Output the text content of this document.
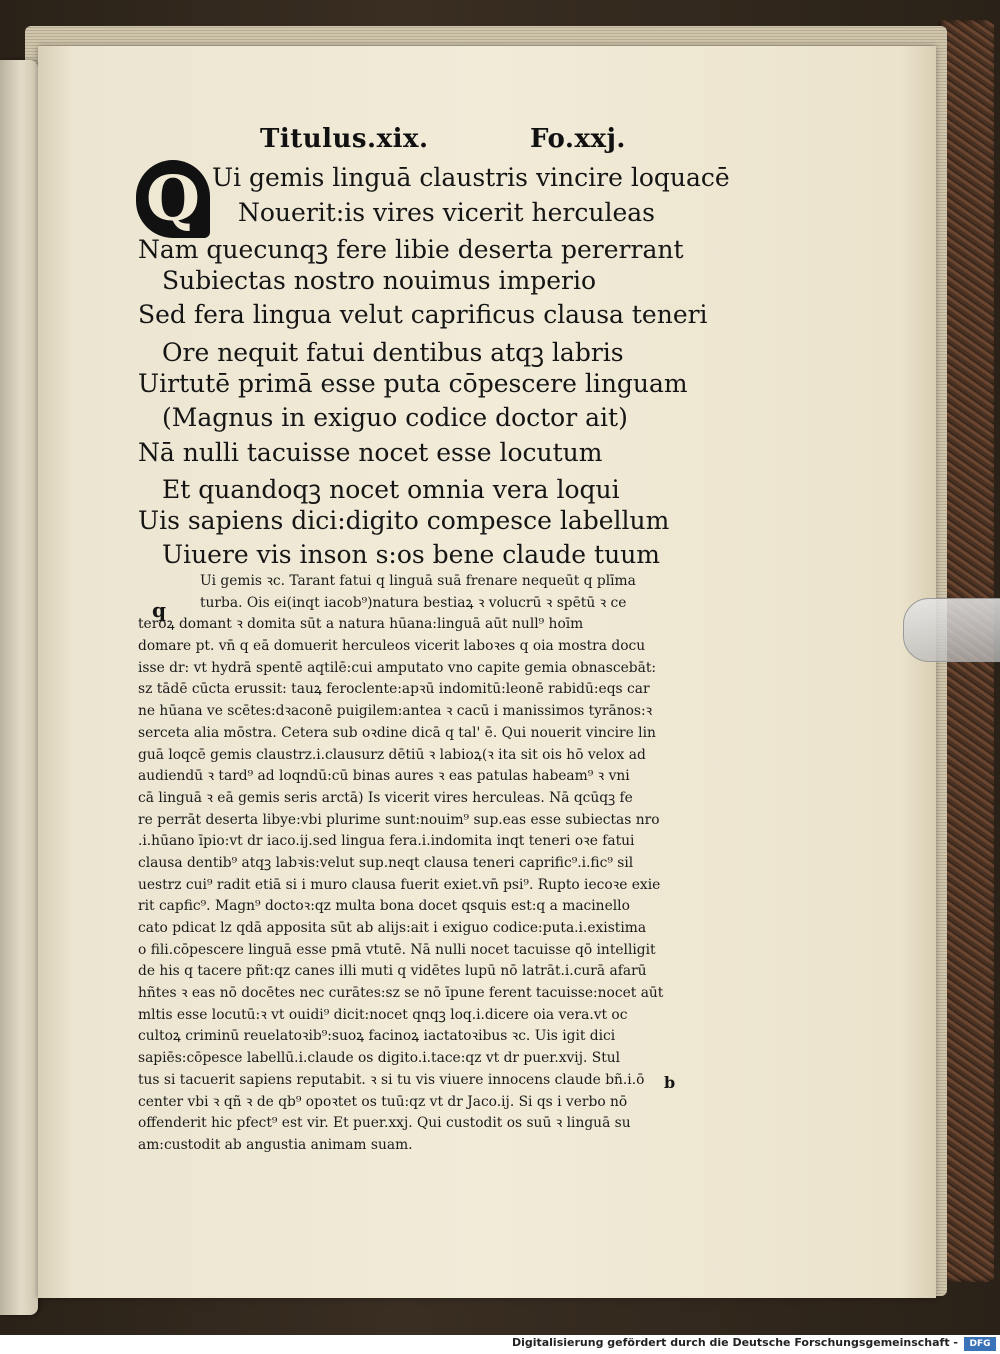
Titulus.xix.	Fo.xxj.
Q Ui gemis linguā claustris vincire loquacē

Nouerit:is vires vicerit herculeas

Nam quecunqꝫ fere libie deserta pererrant

Subiectas nostro nouimus imperio

Sed fera lingua velut caprificus clausa teneri

Ore nequit fatui dentibus atqꝫ labris

Uirtutē primā esse puta cōpescere linguam

(Magnus in exiguo codice doctor ait)

Nā nulli tacuisse nocet esse locutum

Et quandoqꝫ nocet omnia vera loqui

Uis sapiens dici:digito compesce labellum

Uiuere vis inson s:os bene claude tuum

q
Ui gemis ꝛc. Tarant fatui q linguā suā frenare nequeūt q plīma
turba. Ois ei(inqt iacob⁹)natura bestiaꝝ ꝛ volucrū ꝛ spētū ꝛ ce
teroꝝ domant ꝛ domita sūt a natura hūana:linguā aūt null⁹ hoīm
domare pt. vn̄ q eā domuerit herculeos vicerit laboꝛes q oia mostra docu
isse dr: vt hydrā spentē aqtilē:cui amputato vno capite gemia obnascebāt:
sz tādē cūcta erussit: tauꝝ feroclente:apꝛū indomitū:leonē rabidū:eqs car
ne hūana ve scētes:dꝛaconē puigilem:antea ꝛ cacū i manissimos tyrānos:ꝛ
serceta alia mōstra. Cetera sub oꝛdine dicā q tal' ē. Qui nouerit vincire lin
guā loqcē gemis claustrz.i.clausurz dētiū ꝛ labioꝝ(ꝛ ita sit ois hō velox ad
audiendū ꝛ tard⁹ ad loqndū:cū binas aures ꝛ eas patulas habeam⁹ ꝛ vni
cā linguā ꝛ eā gemis seris arctā) Is vicerit vires herculeas. Nā qcūqꝫ fe
re perrāt deserta libye:vbi plurime sunt:nouim⁹ sup.eas esse subiectas nro
.i.hūano īpio:vt dr iaco.ij.sed lingua fera.i.indomita inqt teneri oꝛe fatui
clausa dentib⁹ atqꝫ labꝛis:velut sup.neqt clausa teneri caprific⁹.i.fic⁹ sil
uestrz cui⁹ radit etiā si i muro clausa fuerit exiet.vn̄ psi⁹. Rupto iecoꝛe exie
rit capfic⁹. Magn⁹ doctoꝛ:qz multa bona docet qsquis est:q a macinello
cato pdicat lz qdā apposita sūt ab alijs:ait i exiguo codice:puta.i.existima
o fili.cōpescere linguā esse pmā vtutē. Nā nulli nocet tacuisse qō intelligit
de his q tacere pñt:qz canes illi muti q vidētes lupū nō latrāt.i.curā afarū
hñtes ꝛ eas nō docētes nec curātes:sz se nō īpune ferent tacuisse:nocet aūt
mltis esse locutū:ꝛ vt ouidi⁹ dicit:nocet qnqꝫ loq.i.dicere oia vera.vt oc
cultoꝝ criminū reuelatoꝛib⁹:suoꝝ facinoꝝ iactatoꝛibus ꝛc. Uis igit dici
sapiēs:cōpesce labellū.i.claude os digito.i.tace:qz vt dr puer.xvij. Stul
tus si tacuerit sapiens reputabit. ꝛ si tu vis viuere innocens claude bñ.i.ō
center vbi ꝛ qñ ꝛ de qb⁹ opoꝛtet os tuū:qz vt dr Jaco.ij. Si qs i verbo nō
offenderit hic pfect⁹ est vir. Et puer.xxj. Qui custodit os suū ꝛ linguā su
am:custodit ab angustia animam suam.
b
Digitalisierung gefördert durch die Deutsche Forschungsgemeinschaft -	DFG
